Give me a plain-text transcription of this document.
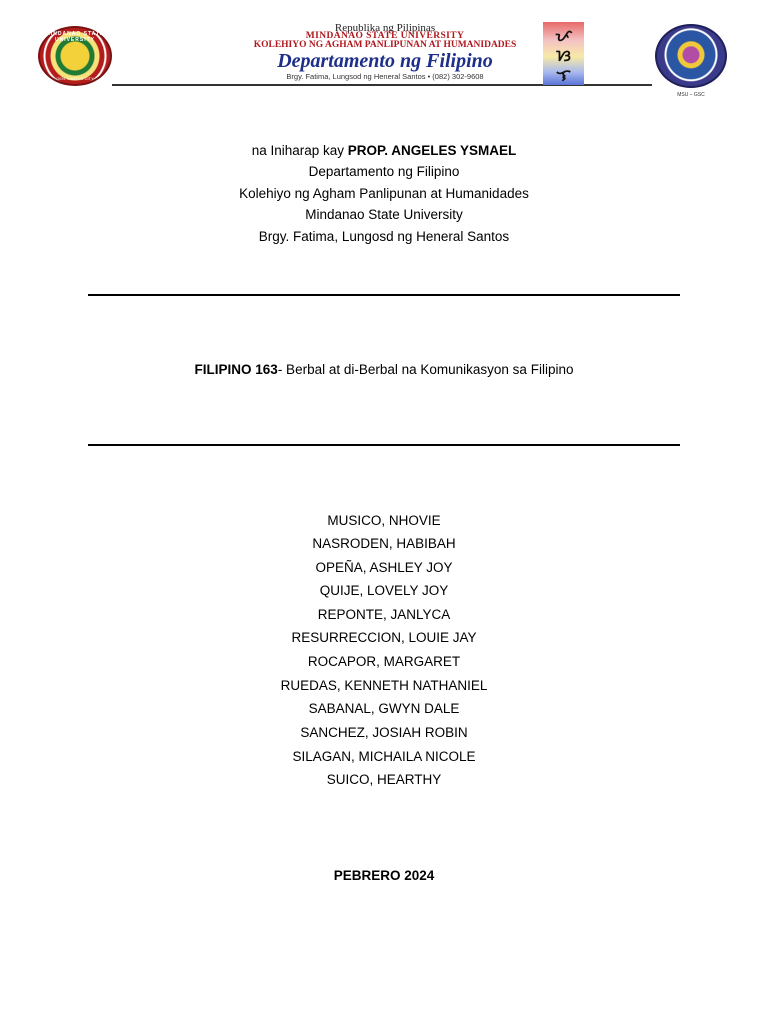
MINDANAO STATE UNIVERSITY
GEN. SANTOS CITY
Republika ng Pilipinas
MINDANAO STATE UNIVERSITY
KOLEHIYO NG AGHAM PANLIPUNAN AT HUMANIDADES
Departamento ng Filipino
Brgy. Fatima, Lungsod ng Heneral Santos • (082) 302-9608
ᜉ
ᜐ
ᜎ
MSU – GSC
na Iniharap kay PROP. ANGELES YSMAEL
Departamento ng Filipino
Kolehiyo ng Agham Panlipunan at Humanidades
Mindanao State University
Brgy. Fatima, Lungosd ng Heneral Santos
FILIPINO 163- Berbal at di-Berbal na Komunikasyon sa Filipino
MUSICO, NHOVIE
NASRODEN, HABIBAH
OPEÑA, ASHLEY JOY
QUIJE, LOVELY JOY
REPONTE, JANLYCA
RESURRECCION, LOUIE JAY
ROCAPOR, MARGARET
RUEDAS, KENNETH NATHANIEL
SABANAL, GWYN DALE
SANCHEZ, JOSIAH ROBIN
SILAGAN, MICHAILA NICOLE
SUICO, HEARTHY
PEBRERO 2024
